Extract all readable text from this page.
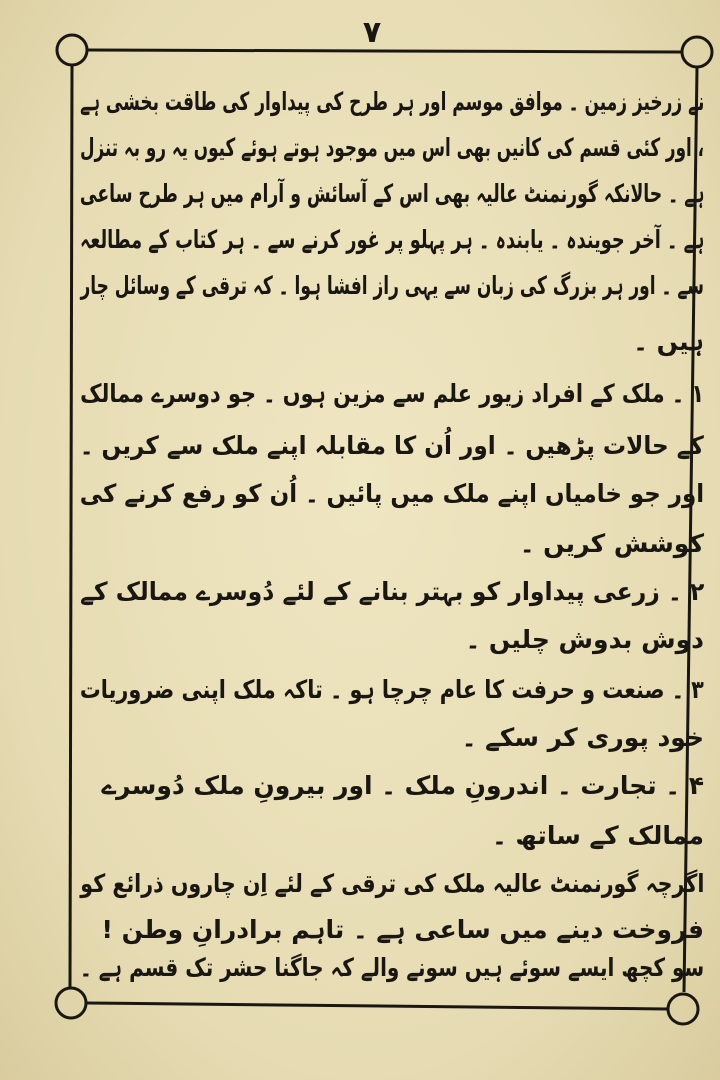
۷
نے زرخیز زمین ۔ موافق موسم اور ہر طرح کی پیداوار کی طاقت بخشی ہے
، اور کئی قسم کی کانیں بھی اس میں موجود ہوتے ہوئے کیوں یہ رو بہ تنزل
ہے ۔ حالانکہ گورنمنٹ عالیہ بھی اس کے آسائش و آرام میں ہر طرح ساعی
ہے ۔ آخر جویندہ ۔ یابندہ ۔ ہر پہلو پر غور کرنے سے ۔ ہر کتاب کے مطالعہ
سے ۔ اور ہر بزرگ کی زبان سے یہی راز افشا ہوا ۔ کہ ترقی کے وسائل چار
ہیں ۔
۱ ۔ ملک کے افراد زیور علم سے مزین ہوں ۔ جو دوسرے ممالک
کے حالات پڑھیں ۔ اور اُن کا مقابلہ اپنے ملک سے کریں ۔
اور جو خامیاں اپنے ملک میں پائیں ۔ اُن کو رفع کرنے کی
کوشش کریں ۔
۲ ۔ زرعی پیداوار کو بہتر بنانے کے لئے دُوسرے ممالک کے
دوش بدوش چلیں ۔
۳ ۔ صنعت و حرفت کا عام چرچا ہو ۔ تاکہ ملک اپنی ضروریات
خود پوری کر سکے ۔
۴ ۔ تجارت ۔ اندرونِ ملک ۔ اور بیرونِ ملک دُوسرے
ممالک کے ساتھ ۔
اگرچہ گورنمنٹ عالیہ ملک کی ترقی کے لئے اِن چاروں ذرائع کو
فروخت دینے میں ساعی ہے ۔ تاہم برادرانِ وطن !
سو کچھ ایسے سوئے ہیں سونے والے کہ جاگنا حشر تک قسم ہے ۔
